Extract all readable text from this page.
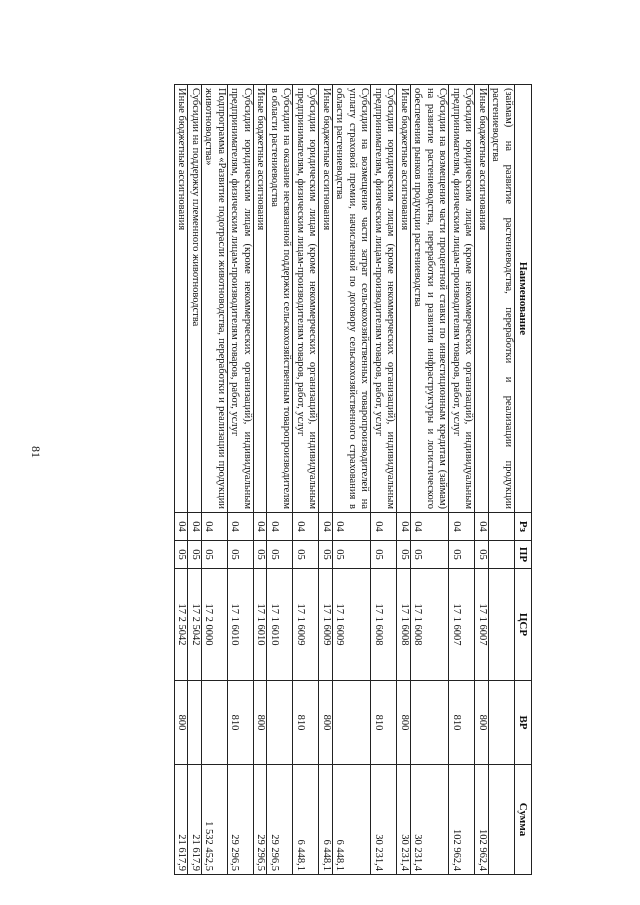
81
Наименование	Рз	ПР	ЦСР	ВР	Сумма
(займам) на развитие растениеводства, переработки и реализации продукции растениеводства					
Иные бюджетные ассигнования	04	05	17 1 6007	800	102 962,4
Субсидии юридическим лицам (кроме некоммерческих организаций), индивидуальным предпринимателям, физическим лицам-производителям товаров, работ, услуг	04	05	17 1 6007	810	102 962,4
Субсидии на возмещение части процентной ставки по инвестиционным кредитам (займам) на развитие растениеводства, переработки и развития инфраструктуры и логистического обеспечения рынков продукции растениеводства	04	05	17 1 6008		30 231,4
Иные бюджетные ассигнования	04	05	17 1 6008	800	30 231,4
Субсидии юридическим лицам (кроме некоммерческих организаций), индивидуальным предпринимателям, физическим лицам-производителям товаров, работ, услуг	04	05	17 1 6008	810	30 231,4
Субсидии на возмещение части затрат сельскохозяйственных товаропроизводителей на уплату страховой премии, начисленной по договору сельскохозяйственного страхования в области растениеводства	04	05	17 1 6009		6 448,1
Иные бюджетные ассигнования	04	05	17 1 6009	800	6 448,1
Субсидии юридическим лицам (кроме некоммерческих организаций), индивидуальным предпринимателям, физическим лицам-производителям товаров, работ, услуг	04	05	17 1 6009	810	6 448,1
Субсидии на оказание несвязанной поддержки сельскохозяйственным товаропроизводителям в области растениеводства	04	05	17 1 6010		29 296,5
Иные бюджетные ассигнования	04	05	17 1 6010	800	29 296,5
Субсидии юридическим лицам (кроме некоммерческих организаций), индивидуальным предпринимателям, физическим лицам-производителям товаров, работ, услуг	04	05	17 1 6010	810	29 296,5
Подпрограмма «Развитие подотрасли животноводства, переработки и реализации продукции животноводства»	04	05	17 2 0000		1 532 452,5
Субсидии на поддержку племенного животноводства	04	05	17 2 5042		21 617,9
Иные бюджетные ассигнования	04	05	17 2 5042	800	21 617,9
